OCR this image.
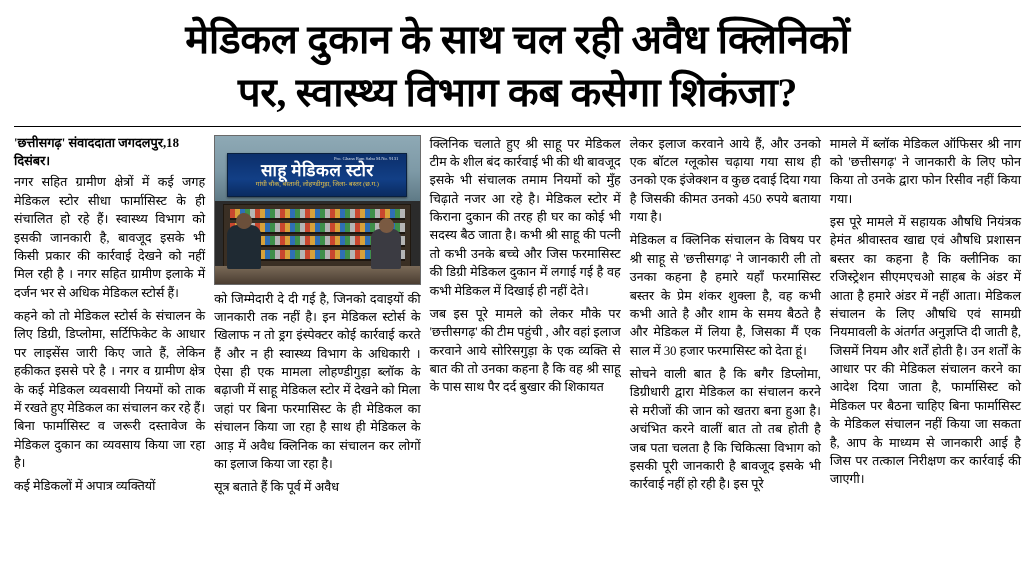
मेडिकल दुकान के साथ चल रही अवैध क्लिनिकों
पर, स्वास्थ्य विभाग कब कसेगा शिकंजा?
'छत्तीसगढ़' संवाददाता जगदलपुर,18 दिसंबर।

नगर सहित ग्रामीण क्षेत्रों में कई जगह मेडिकल स्टोर सीधा फार्मासिस्ट के ही संचालित हो रहे हैं। स्वास्थ्य विभाग को इसकी जानकारी है, बावजूद इसके भी किसी प्रकार की कार्रवाई देखने को नहीं मिल रही है । नगर सहित ग्रामीण इलाके में दर्जन भर से अधिक मेडिकल स्टोर्स हैं।

कहने को तो मेडिकल स्टोर्स के संचालन के लिए डिग्री, डिप्लोमा, सर्टिफिकेट के आधार पर लाइसेंस जारी किए जाते हैं, लेकिन हकीकत इससे परे है । नगर व ग्रामीण क्षेत्र के कई मेडिकल व्यवसायी नियमों को ताक में रखते हुए मेडिकल का संचालन कर रहे हैं। बिना फार्मासिस्ट व जरूरी दस्तावेज के मेडिकल दुकान का व्यवसाय किया जा रहा है।

कई मेडिकलों में अपात्र व्यक्तियों

Pro. Ghana Ram Sahu M.No. 9131
साहू मेडिकल स्टोर
गांधी चौक, बस्तानी, लोहण्डीगुड़ा, जिला- बस्तर (छ.ग.)

को जिम्मेदारी दे दी गई है, जिनको दवाइयों की जानकारी तक नहीं है। इन मेडिकल स्टोर्स के खिलाफ न तो ड्रग इंस्पेक्टर कोई कार्रवाई करते हैं और न ही स्वास्थ्य विभाग के अधिकारी । ऐसा ही एक मामला लोहण्डीगुड़ा ब्लॉक के बढ़ाजी में साहू मेडिकल स्टोर में देखने को मिला जहां पर बिना फरमासिस्ट के ही मेडिकल का संचालन किया जा रहा है साथ ही मेडिकल के आड़ में अवैध क्लिनिक का संचालन कर लोगों का इलाज किया जा रहा है।

सूत्र बताते हैं कि पूर्व में अवैध

क्लिनिक चलाते हुए श्री साहू पर मेडिकल टीम के शील बंद कार्रवाई भी की थी बावजूद इसके भी संचालक तमाम नियमों को मुँह चिढ़ाते नजर आ रहे है। मेडिकल स्टोर में किराना दुकान की तरह ही घर का कोई भी सदस्य बैठ जाता है। कभी श्री साहू की पत्नी तो कभी उनके बच्चे और जिस फरमासिस्ट की डिग्री मेडिकल दुकान में लगाई गई है वह कभी मेडिकल में दिखाई ही नहीं देते।

जब इस पूरे मामले को लेकर मौके पर 'छत्तीसगढ़' की टीम पहुंची , और वहां इलाज करवाने आये सोरिसगुड़ा के एक व्यक्ति से बात की तो उनका कहना है कि वह श्री साहू के पास साथ पैर दर्द बुखार की शिकायत

लेकर इलाज करवाने आये हैं, और उनको एक बॉटल ग्लूकोस चढ़ाया गया साथ ही उनको एक इंजेक्शन व कुछ दवाई दिया गया है जिसकी कीमत उनको 450 रुपये बताया गया है।

मेडिकल व क्लिनिक संचालन के विषय पर श्री साहू से 'छत्तीसगढ़' ने जानकारी ली तो उनका कहना है हमारे यहाँ फरमासिस्ट बस्तर के प्रेम शंकर शुक्ला है, वह कभी कभी आते है और शाम के समय बैठते है और मेडिकल में लिया है, जिसका मैं एक साल में 30 हजार फरमासिस्ट को देता हूं।

सोचने वाली बात है कि बगैर डिप्लोमा, डिग्रीधारी द्वारा मेडिकल का संचालन करने से मरीजों की जान को खतरा बना हुआ है। अचंभित करने वालीं बात तो तब होती है जब पता चलता है कि चिकित्सा विभाग को इसकी पूरी जानकारी है बावजूद इसके भी कार्रवाई नहीं हो रही है। इस पूरे

मामले में ब्लॉक मेडिकल ऑफिसर श्री नाग को 'छत्तीसगढ़' ने जानकारी के लिए फोन किया तो उनके द्वारा फोन रिसीव नहीं किया गया।

इस पूरे मामले में सहायक औषधि नियंत्रक हेमंत श्रीवास्तव खाद्य एवं औषधि प्रशासन बस्तर का कहना है कि क्लीनिक का रजिस्ट्रेशन सीएमएचओ साहब के अंडर में आता है हमारे अंडर में नहीं आता। मेडिकल संचालन के लिए औषधि एवं सामग्री नियमावली के अंतर्गत अनुज्ञप्ति दी जाती है, जिसमें नियम और शर्तें होती है। उन शर्तों के आधार पर की मेडिकल संचालन करने का आदेश दिया जाता है, फार्मासिस्ट को मेडिकल पर बैठना चाहिए बिना फार्मासिस्ट के मेडिकल संचालन नहीं किया जा सकता है, आप के माध्यम से जानकारी आई है जिस पर तत्काल निरीक्षण कर कार्रवाई की जाएगी।
